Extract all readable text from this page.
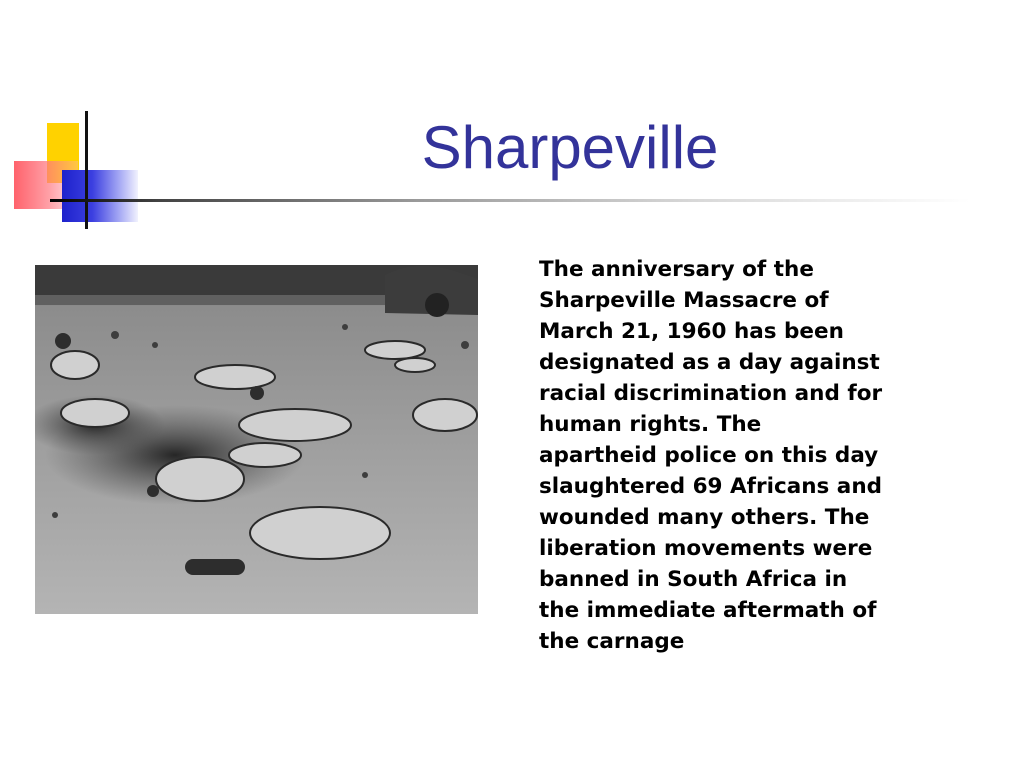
Sharpeville

The anniversary of the
Sharpeville Massacre of
March 21, 1960 has been
designated as a day against
racial discrimination and for
human rights. The
apartheid police on this day
slaughtered 69 Africans and
wounded many others. The
liberation movements were
banned in South Africa in
the immediate aftermath of
the carnage
